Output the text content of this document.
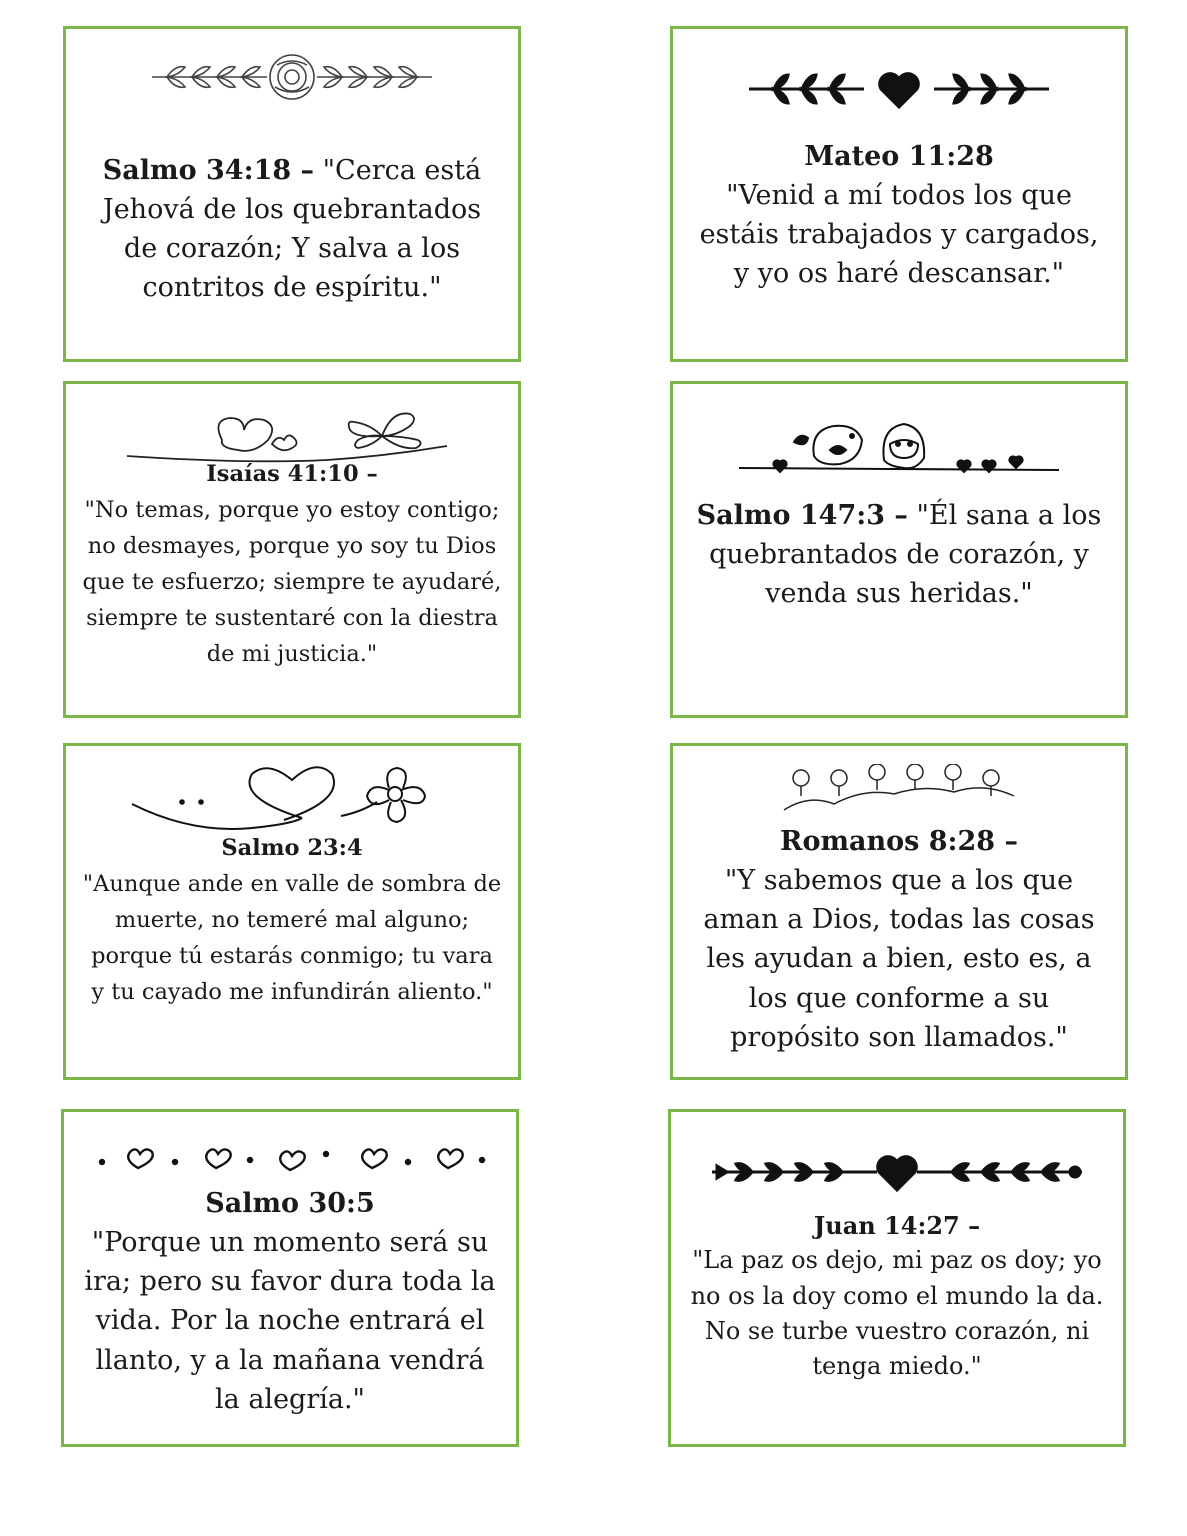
Salmo 34:18 – "Cerca está Jehová de los quebrantados de corazón; Y salva a los contritos de espíritu."
Mateo 11:28
"Venid a mí todos los que estáis trabajados y cargados, y yo os haré descansar."
Isaías 41:10 –
"No temas, porque yo estoy contigo; no desmayes, porque yo soy tu Dios que te esfuerzo; siempre te ayudaré, siempre te sustentaré con la diestra de mi justicia."
Salmo 147:3 – "Él sana a los quebrantados de corazón, y venda sus heridas."
Salmo 23:4
"Aunque ande en valle de sombra de muerte, no temeré mal alguno; porque tú estarás conmigo; tu vara y tu cayado me infundirán aliento."
Romanos 8:28 –
"Y sabemos que a los que aman a Dios, todas las cosas les ayudan a bien, esto es, a los que conforme a su propósito son llamados."
Salmo 30:5
"Porque un momento será su ira; pero su favor dura toda la vida. Por la noche entrará el llanto, y a la mañana vendrá la alegría."
Juan 14:27 –
"La paz os dejo, mi paz os doy; yo no os la doy como el mundo la da. No se turbe vuestro corazón, ni tenga miedo."
